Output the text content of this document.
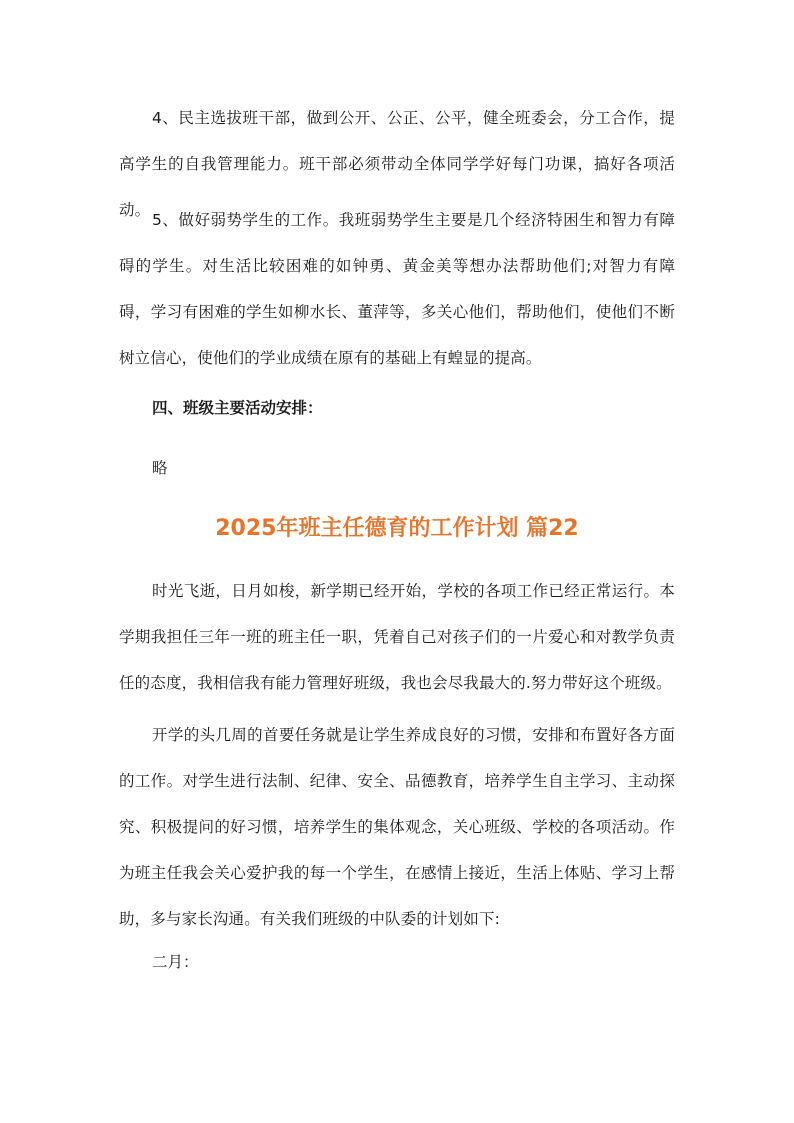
4、民主选拔班干部，做到公开、公正、公平，健全班委会，分工合作，提高学生的自我管理能力。班干部必须带动全体同学学好每门功课，搞好各项活动。

5、做好弱势学生的工作。我班弱势学生主要是几个经济特困生和智力有障碍的学生。对生活比较困难的如钟勇、黄金美等想办法帮助他们;对智力有障 碍，学习有困难的学生如柳水长、董萍等，多关心他们，帮助他们，使他们不断树立信心，使他们的学业成绩在原有的基础上有蝗显的提高。

四、班级主要活动安排：

略

2025年班主任德育的工作计划 篇22

时光飞逝，日月如梭，新学期已经开始，学校的各项工作已经正常运行。本学期我担任三年一班的班主任一职，凭着自己对孩子们的一片爱心和对教学负责任的态度，我相信我有能力管理好班级，我也会尽我最大的.努力带好这个班级。

开学的头几周的首要任务就是让学生养成良好的习惯，安排和布置好各方面的工作。对学生进行法制、纪律、安全、品德教育，培养学生自主学习、主动探究、积极提问的好习惯，培养学生的集体观念，关心班级、学校的各项活动。作为班主任我会关心爱护我的每一个学生，在感情上接近，生活上体贴、学习上帮助，多与家长沟通。有关我们班级的中队委的计划如下:

二月：
